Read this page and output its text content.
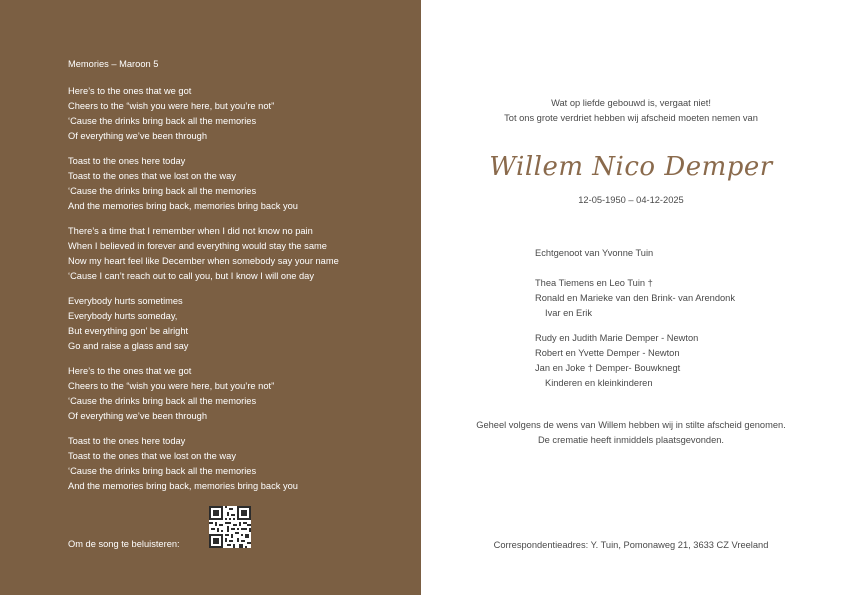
Memories – Maroon 5
Here’s to the ones that we got
Cheers to the “wish you were here, but you’re not”
‘Cause the drinks bring back all the memories
Of everything we’ve been through
Toast to the ones here today
Toast to the ones that we lost on the way
‘Cause the drinks bring back all the memories
And the memories bring back, memories bring back you
There’s a time that I remember when I did not know no pain
When I believed in forever and everything would stay the same
Now my heart feel like December when somebody say your name
‘Cause I can’t reach out to call you, but I know I will one day
Everybody hurts sometimes
Everybody hurts someday,
But everything gon’ be alright
Go and raise a glass and say
Here’s to the ones that we got
Cheers to the “wish you were here, but you’re not”
‘Cause the drinks bring back all the memories
Of everything we’ve been through
Toast to the ones here today
Toast to the ones that we lost on the way
‘Cause the drinks bring back all the memories
And the memories bring back, memories bring back you
Om de song te beluisteren:
Wat op liefde gebouwd is, vergaat niet!
Tot ons grote verdriet hebben wij afscheid moeten nemen van
Willem Nico Demper
12-05-1950 – 04-12-2025
Echtgenoot van Yvonne Tuin
Thea Tiemens en Leo Tuin †
Ronald en Marieke van den Brink- van Arendonk
Ivar en Erik
Rudy en Judith Marie Demper - Newton
Robert en Yvette Demper - Newton
Jan en Joke † Demper- Bouwknegt
Kinderen en kleinkinderen
Geheel volgens de wens van Willem hebben wij in stilte afscheid genomen.
De crematie heeft inmiddels plaatsgevonden.
Correspondentieadres: Y. Tuin, Pomonaweg 21, 3633 CZ Vreeland
